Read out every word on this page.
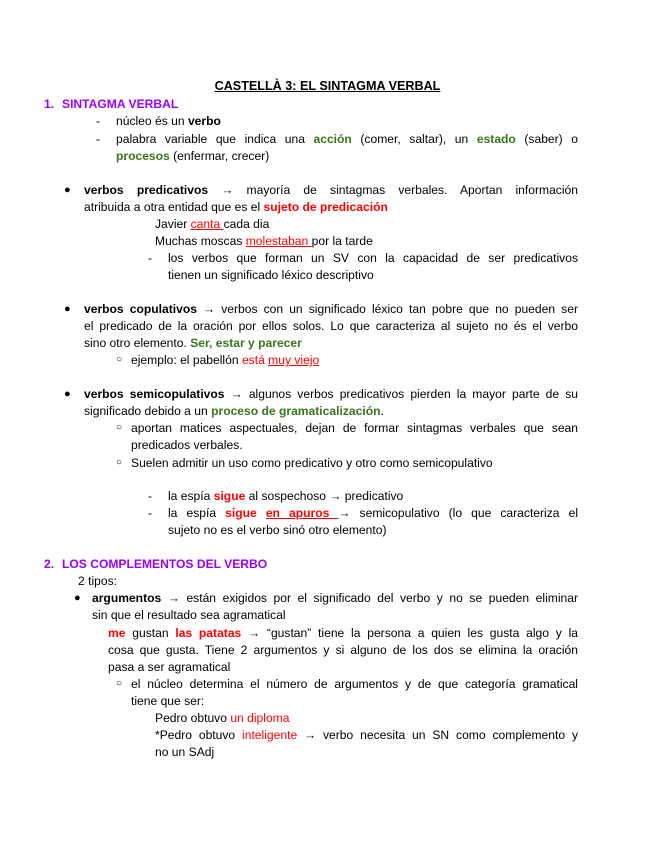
CASTELLÀ 3: EL SINTAGMA VERBAL
1. SINTAGMA VERBAL
- núcleo és un verbo
- palabra variable que indica una acción (comer, saltar), un estado (saber) o
procesos (enfermar, crecer)
● verbos predicativos → mayoría de sintagmas verbales. Aportan información
atribuida a otra entidad que es el sujeto de predicación
Javier canta cada dia
Muchas moscas molestaban por la tarde
- los verbos que forman un SV con la capacidad de ser predicativos
tienen un significado léxico descriptivo
● verbos copulativos → verbos con un significado léxico tan pobre que no pueden ser
el predicado de la oración por ellos solos. Lo que caracteriza al sujeto no és el verbo
sino otro elemento. Ser, estar y parecer
○ ejemplo: el pabellón está muy viejo
● verbos semicopulativos → algunos verbos predicativos pierden la mayor parte de su
significado debido a un proceso de gramaticalización.
○ aportan matices aspectuales, dejan de formar sintagmas verbales que sean
predicados verbales.
○ Suelen admitir un uso como predicativo y otro como semicopulativo
- la espía sigue al sospechoso → predicativo
- la espía sigue en apuros → semicopulativo (lo que caracteriza el
sujeto no es el verbo sinó otro elemento)
2. LOS COMPLEMENTOS DEL VERBO
2 tipos:
● argumentos → están exigidos por el significado del verbo y no se pueden eliminar
sin que el resultado sea agramatical
me gustan las patatas → “gustan” tiene la persona a quien les gusta algo y la
cosa que gusta. Tiene 2 argumentos y si alguno de los dos se elimina la oración
pasa a ser agramatical
○ el núcleo determina el número de argumentos y de que categoría gramatical
tiene que ser:
Pedro obtuvo un diploma
*Pedro obtuvo inteligente → verbo necesita un SN como complemento y
no un SAdj
